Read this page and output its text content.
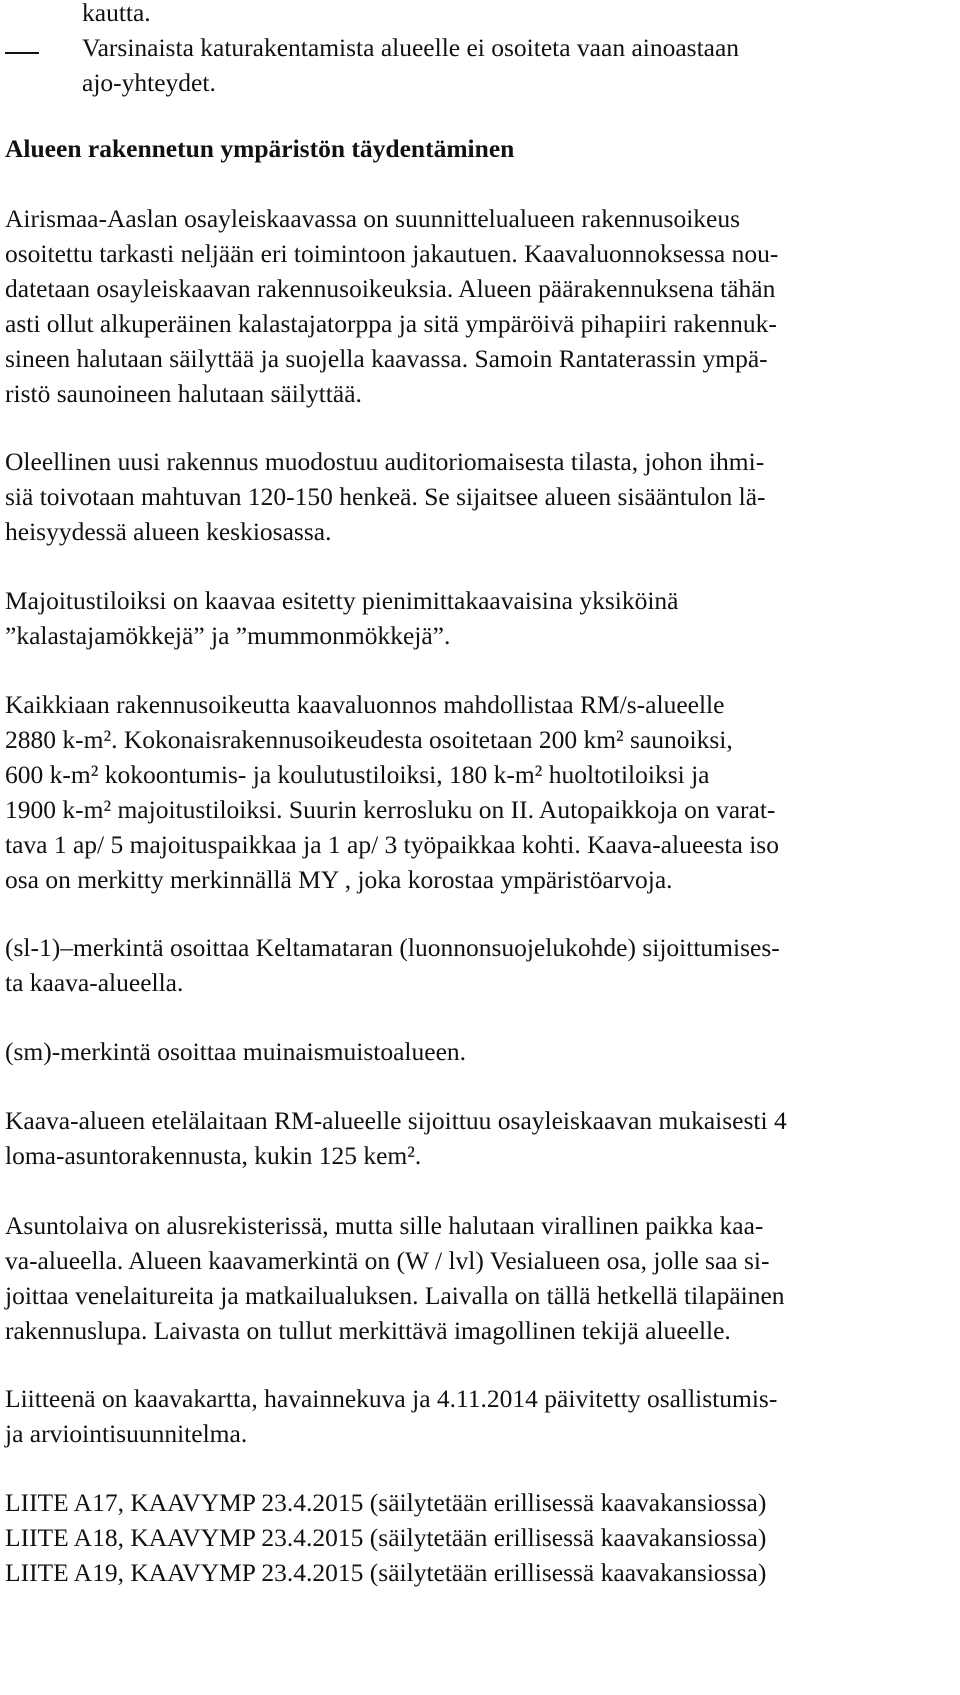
kautta.
Varsinaista katurakentamista alueelle ei osoiteta vaan ainoastaan
ajo-yhteydet.
Alueen rakennetun ympäristön täydentäminen
Airismaa-Aaslan osayleiskaavassa on suunnittelualueen rakennusoikeus
osoitettu tarkasti neljään eri toimintoon jakautuen. Kaavaluonnoksessa nou-
datetaan osayleiskaavan rakennusoikeuksia. Alueen päärakennuksena tähän
asti ollut alkuperäinen kalastajatorppa ja sitä ympäröivä pihapiiri rakennuk-
sineen halutaan säilyttää ja suojella kaavassa. Samoin Rantaterassin ympä-
ristö saunoineen halutaan säilyttää.
Oleellinen uusi rakennus muodostuu auditoriomaisesta tilasta, johon ihmi-
siä toivotaan mahtuvan 120-150 henkeä. Se sijaitsee alueen sisääntulon lä-
heisyydessä alueen keskiosassa.
Majoitustiloiksi on kaavaa esitetty pienimittakaavaisina yksiköinä
”kalastajamökkejä” ja ”mummonmökkejä”.
Kaikkiaan rakennusoikeutta kaavaluonnos mahdollistaa RM/s-alueelle
2880 k-m². Kokonaisrakennusoikeudesta osoitetaan 200 km² saunoiksi,
600 k-m² kokoontumis- ja koulutustiloiksi, 180 k-m² huoltotiloiksi ja
1900 k-m² majoitustiloiksi. Suurin kerrosluku on II. Autopaikkoja on varat-
tava 1 ap/ 5 majoituspaikkaa ja 1 ap/ 3 työpaikkaa kohti. Kaava-alueesta iso
osa on merkitty merkinnällä MY , joka korostaa ympäristöarvoja.
(sl-1)–merkintä osoittaa Keltamataran (luonnonsuojelukohde) sijoittumises-
ta kaava-alueella.
(sm)-merkintä osoittaa muinaismuistoalueen.
Kaava-alueen etelälaitaan RM-alueelle sijoittuu osayleiskaavan mukaisesti 4
loma-asuntorakennusta, kukin 125 kem².
Asuntolaiva on alusrekisterissä, mutta sille halutaan virallinen paikka kaa-
va-alueella. Alueen kaavamerkintä on (W / lvl) Vesialueen osa, jolle saa si-
joittaa venelaitureita ja matkailualuksen. Laivalla on tällä hetkellä tilapäinen
rakennuslupa. Laivasta on tullut merkittävä imagollinen tekijä alueelle.
Liitteenä on kaavakartta, havainnekuva ja 4.11.2014 päivitetty osallistumis-
ja arviointisuunnitelma.
LIITE A17, KAAVYMP 23.4.2015 (säilytetään erillisessä kaavakansiossa)
LIITE A18, KAAVYMP 23.4.2015 (säilytetään erillisessä kaavakansiossa)
LIITE A19, KAAVYMP 23.4.2015 (säilytetään erillisessä kaavakansiossa)
